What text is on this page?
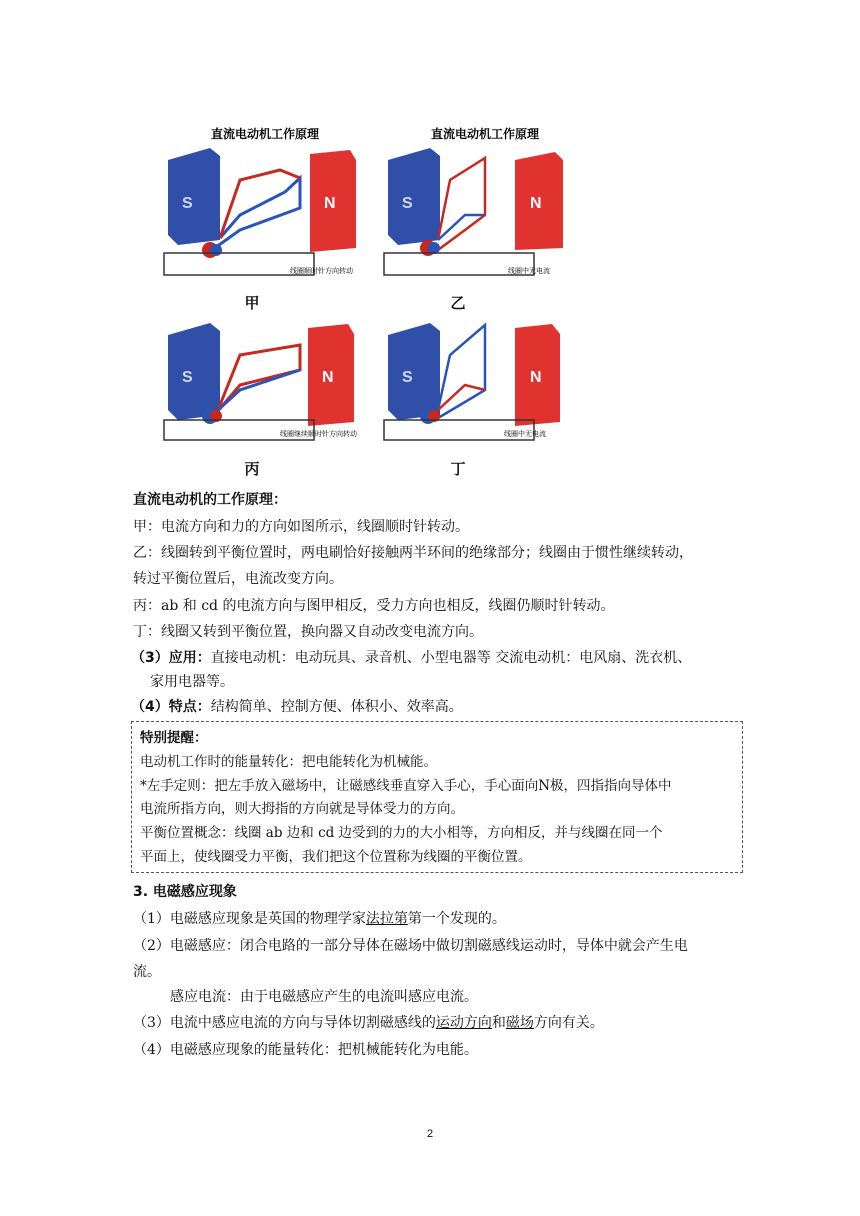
直流电动机工作原理
S	N
线圈顺时针方向转动
甲
直流电动机工作原理
S	N
线圈中无电流
乙
S	N
线圈继续顺时针方向转动
丙
S	N
线圈中无电流
丁
直流电动机的工作原理：
甲：电流方向和力的方向如图所示，线圈顺时针转动。
乙：线圈转到平衡位置时，两电刷恰好接触两半环间的绝缘部分；线圈由于惯性继续转动，
转过平衡位置后，电流改变方向。
丙：ab 和 cd 的电流方向与图甲相反，受力方向也相反，线圈仍顺时针转动。
丁：线圈又转到平衡位置，换向器又自动改变电流方向。
（3）应用：直接电动机：电动玩具、录音机、小型电器等 交流电动机：电风扇、洗衣机、
家用电器等。
（4）特点：结构简单、控制方便、体积小、效率高。
特别提醒：
电动机工作时的能量转化：把电能转化为机械能。
*左手定则：把左手放入磁场中，让磁感线垂直穿入手心，手心面向N极，四指指向导体中
电流所指方向，则大拇指的方向就是导体受力的方向。
平衡位置概念：线圈 ab 边和 cd 边受到的力的大小相等，方向相反，并与线圈在同一个
平面上，使线圈受力平衡，我们把这个位置称为线圈的平衡位置。
3. 电磁感应现象
（1）电磁感应现象是英国的物理学家法拉第第一个发现的。
（2）电磁感应：闭合电路的一部分导体在磁场中做切割磁感线运动时，导体中就会产生电
流。
感应电流：由于电磁感应产生的电流叫感应电流。
（3）电流中感应电流的方向与导体切割磁感线的运动方向和磁场方向有关。
（4）电磁感应现象的能量转化：把机械能转化为电能。
2
